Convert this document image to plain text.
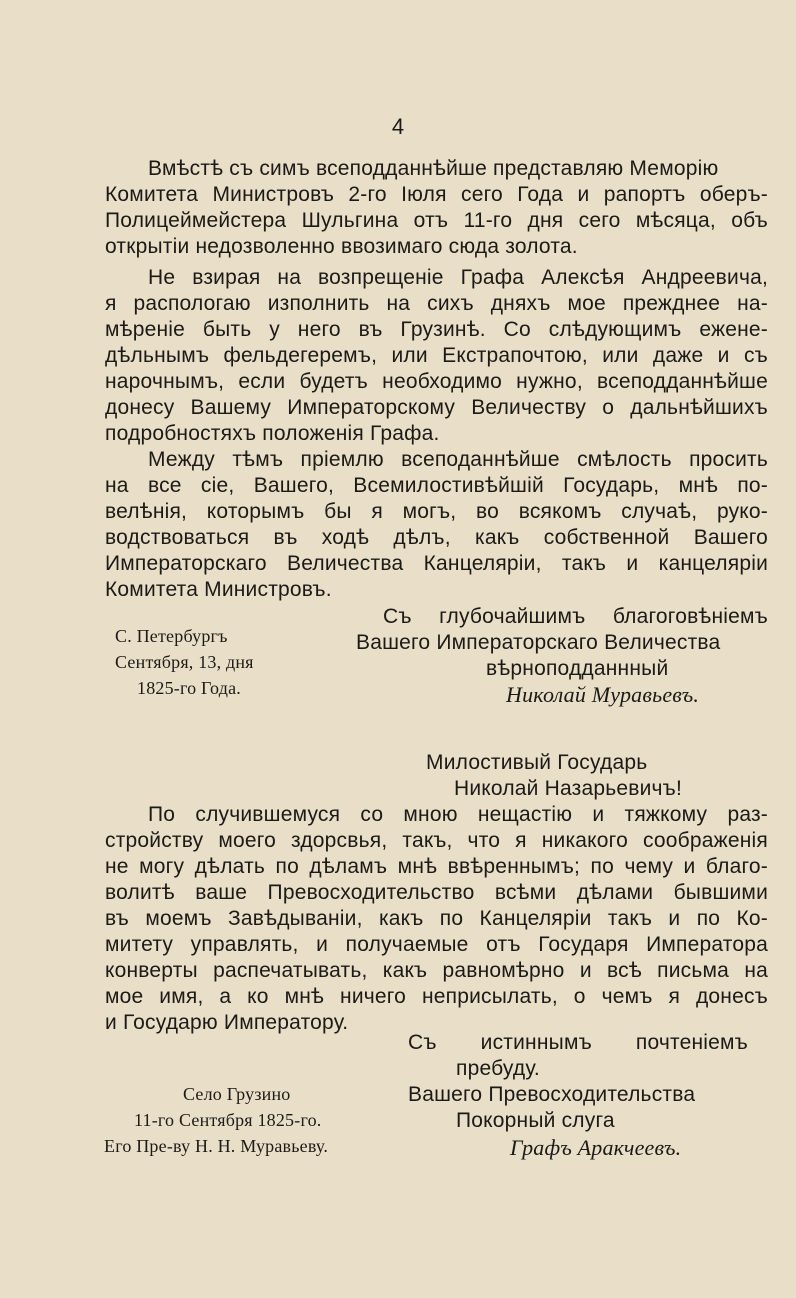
4
Вмѣстѣ съ симъ всеподданнѣйше представляю Меморію
Комитета Министровъ 2-го Іюля сего Года и рапортъ оберъ-
Полицеймейстера Шульгина отъ 11-го дня сего мѣсяца, объ
открытіи недозволенно ввозимаго сюда золота.
Не взирая на возпрещеніе Графа Алексѣя Андреевича,
я распологаю изполнить на сихъ дняхъ мое прежднее на-
мѣреніе быть у него въ Грузинѣ. Со слѣдующимъ ежене-
дѣльнымъ фельдегеремъ, или Екстрапочтою, или даже и съ
нарочнымъ, если будетъ необходимо нужно, всеподданнѣйше
донесу Вашему Императорскому Величеству о дальнѣйшихъ
подробностяхъ положенія Графа.
Между тѣмъ пріемлю всеподаннѣйше смѣлость просить
на все сіе, Вашего, Всемилостивѣйшій Государь, мнѣ по-
велѣнія, которымъ бы я могъ, во всякомъ случаѣ, руко-
водствоваться въ ходѣ дѣлъ, какъ собственной Вашего
Императорскаго Величества Канцеляріи, такъ и канцеляріи
Комитета Министровъ.
Съ глубочайшимъ благоговѣніемъ
Вашего Императорскаго Величества
вѣрноподданнный
Николай Муравьевъ.
С. Петербургъ
Сентября, 13, дня
1825-го Года.
Милостивый Государь
Николай Назарьевичъ!
По случившемуся со мною нещастію и тяжкому раз-
стройству моего здорсвья, такъ, что я никакого соображенія
не могу дѣлать по дѣламъ мнѣ ввѣреннымъ; по чему и благо-
волитѣ ваше Превосходительство всѣми дѣлами бывшими
въ моемъ Завѣдываніи, какъ по Канцеляріи такъ и по Ко-
митету управлять, и получаемые отъ Государя Императора
конверты распечатывать, какъ равномѣрно и всѣ письма на
мое имя, а ко мнѣ ничего неприсылать, о чемъ я донесъ
и Государю Императору.
Съ истиннымъ почтеніемъ
пребуду.
Вашего Превосходительства
Покорный слуга
Графъ Аракчеевъ.
Село Грузино
11-го Сентября 1825-го.
Его Пре-ву Н. Н. Муравьеву.
